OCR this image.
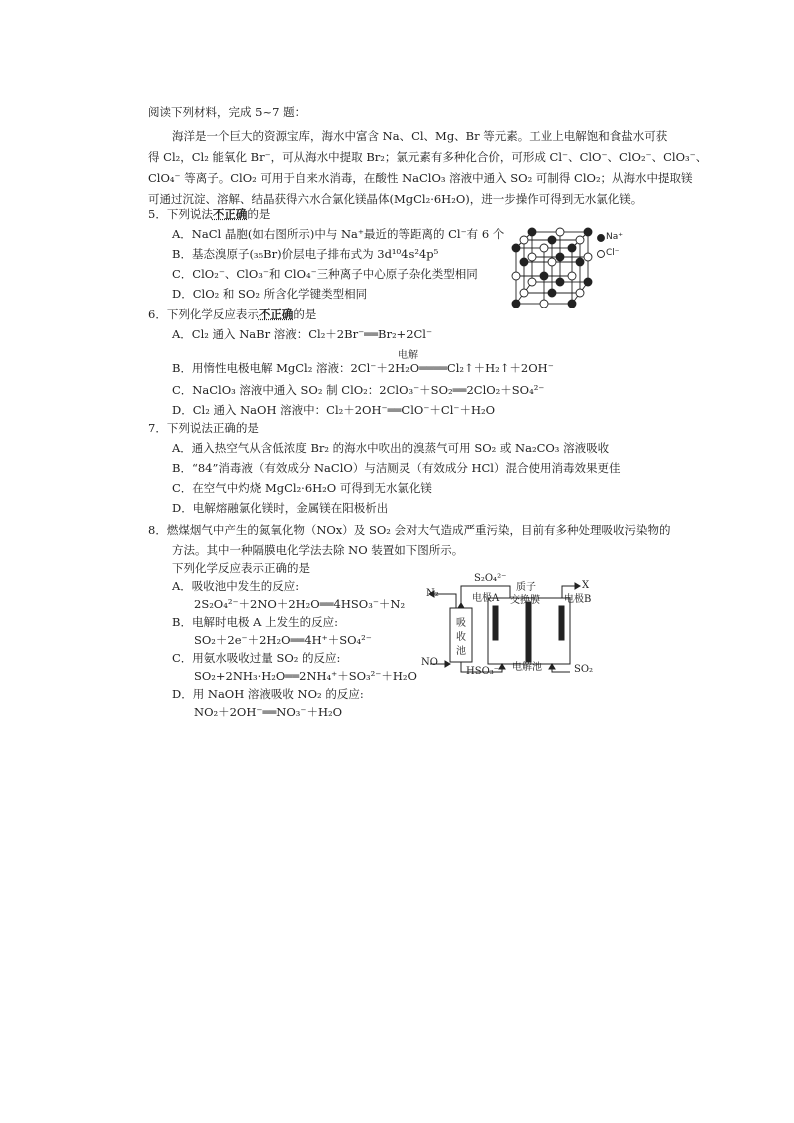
阅读下列材料，完成 5~7 题：
海洋是一个巨大的资源宝库，海水中富含 Na、Cl、Mg、Br 等元素。工业上电解饱和食盐水可获
得 Cl₂，Cl₂ 能氧化 Br⁻，可从海水中提取 Br₂；氯元素有多种化合价，可形成 Cl⁻、ClO⁻、ClO₂⁻、ClO₃⁻、
ClO₄⁻ 等离子。ClO₂ 可用于自来水消毒，在酸性 NaClO₃ 溶液中通入 SO₂ 可制得 ClO₂；从海水中提取镁
可通过沉淀、溶解、结晶获得六水合氯化镁晶体(MgCl₂·6H₂O)，进一步操作可得到无水氯化镁。
5．下列说法不正确的是
A．NaCl 晶胞(如右图所示)中与 Na⁺最近的等距离的 Cl⁻有 6 个
B．基态溴原子(₃₅Br)价层电子排布式为 3d¹⁰4s²4p⁵
C．ClO₂⁻、ClO₃⁻和 ClO₄⁻三种离子中心原子杂化类型相同
D．ClO₂ 和 SO₂ 所含化学键类型相同
Na⁺
Cl⁻
6．下列化学反应表示不正确的是
A．Cl₂ 通入 NaBr 溶液：Cl₂＋2Br⁻══Br₂+2Cl⁻
电解
B．用惰性电极电解 MgCl₂ 溶液：2Cl⁻＋2H₂O════Cl₂↑＋H₂↑＋2OH⁻
C．NaClO₃ 溶液中通入 SO₂ 制 ClO₂：2ClO₃⁻＋SO₂══2ClO₂＋SO₄²⁻
D．Cl₂ 通入 NaOH 溶液中：Cl₂＋2OH⁻══ClO⁻＋Cl⁻＋H₂O
7．下列说法正确的是
A．通入热空气从含低浓度 Br₂ 的海水中吹出的溴蒸气可用 SO₂ 或 Na₂CO₃ 溶液吸收
B．“84”消毒液（有效成分 NaClO）与洁厕灵（有效成分 HCl）混合使用消毒效果更佳
C．在空气中灼烧 MgCl₂·6H₂O 可得到无水氯化镁
D．电解熔融氯化镁时，金属镁在阳极析出
8．燃煤烟气中产生的氮氧化物（NOx）及 SO₂ 会对大气造成严重污染，目前有多种处理吸收污染物的
方法。其中一种隔膜电化学法去除 NO 装置如下图所示。
下列化学反应表示正确的是
A．吸收池中发生的反应:
2S₂O₄²⁻＋2NO＋2H₂O══4HSO₃⁻＋N₂
B．电解时电极 A 上发生的反应:
SO₂＋2e⁻＋2H₂O══4H⁺＋SO₄²⁻
C．用氨水吸收过量 SO₂ 的反应:
SO₂+2NH₃·H₂O══2NH₄⁺＋SO₃²⁻＋H₂O
D．用 NaOH 溶液吸收 NO₂ 的反应:
NO₂＋2OH⁻══NO₃⁻＋H₂O
N₂
S₂O₄²⁻
电极A
质子
交换膜
X
电极B
吸
收
池
NO
HSO₃⁻ 电解池	SO₂
